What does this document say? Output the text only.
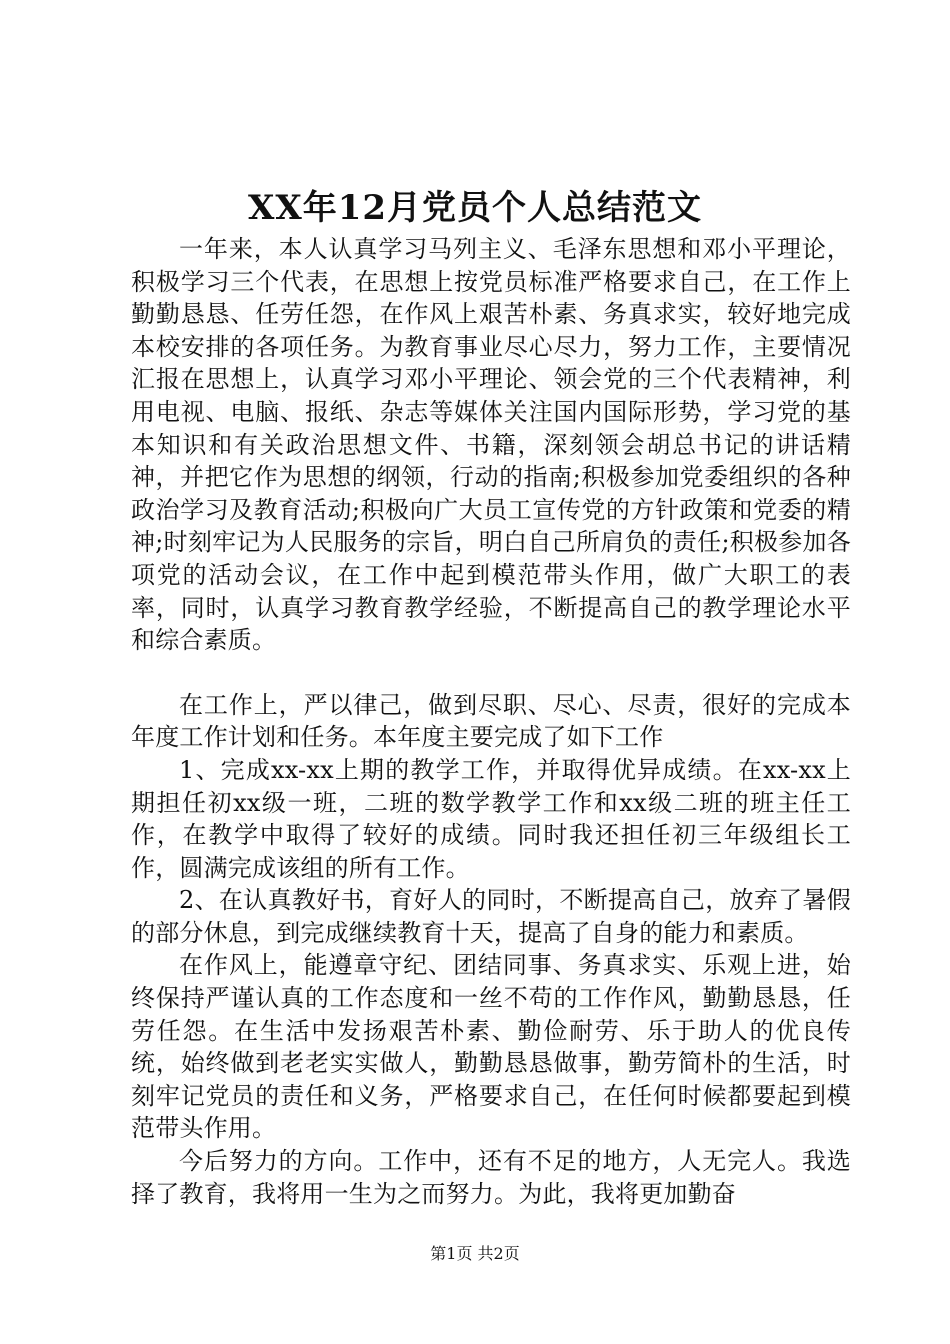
XX年12月党员个人总结范文

一年来，本人认真学习马列主义、毛泽东思想和邓小平理论，积极学习三个代表，在思想上按党员标准严格要求自己，在工作上勤勤恳恳、任劳任怨，在作风上艰苦朴素、务真求实，较好地完成本校安排的各项任务。为教育事业尽心尽力，努力工作，主要情况汇报在思想上，认真学习邓小平理论、领会党的三个代表精神，利用电视、电脑、报纸、杂志等媒体关注国内国际形势，学习党的基本知识和有关政治思想文件、书籍，深刻领会胡总书记的讲话精神，并把它作为思想的纲领，行动的指南;积极参加党委组织的各种政治学习及教育活动;积极向广大员工宣传党的方针政策和党委的精神;时刻牢记为人民服务的宗旨，明白自己所肩负的责任;积极参加各项党的活动会议，在工作中起到模范带头作用，做广大职工的表率，同时，认真学习教育教学经验，不断提高自己的教学理论水平和综合素质。

在工作上，严以律己，做到尽职、尽心、尽责，很好的完成本年度工作计划和任务。本年度主要完成了如下工作

1、完成xx-xx上期的教学工作，并取得优异成绩。在xx-xx上期担任初xx级一班，二班的数学教学工作和xx级二班的班主任工作，在教学中取得了较好的成绩。同时我还担任初三年级组长工作，圆满完成该组的所有工作。

2、在认真教好书，育好人的同时，不断提高自己，放弃了暑假的部分休息，到完成继续教育十天，提高了自身的能力和素质。

在作风上，能遵章守纪、团结同事、务真求实、乐观上进，始终保持严谨认真的工作态度和一丝不苟的工作作风，勤勤恳恳，任劳任怨。在生活中发扬艰苦朴素、勤俭耐劳、乐于助人的优良传统，始终做到老老实实做人，勤勤恳恳做事，勤劳简朴的生活，时刻牢记党员的责任和义务，严格要求自己，在任何时候都要起到模范带头作用。

今后努力的方向。工作中，还有不足的地方，人无完人。我选择了教育，我将用一生为之而努力。为此，我将更加勤奋

第1页 共2页
